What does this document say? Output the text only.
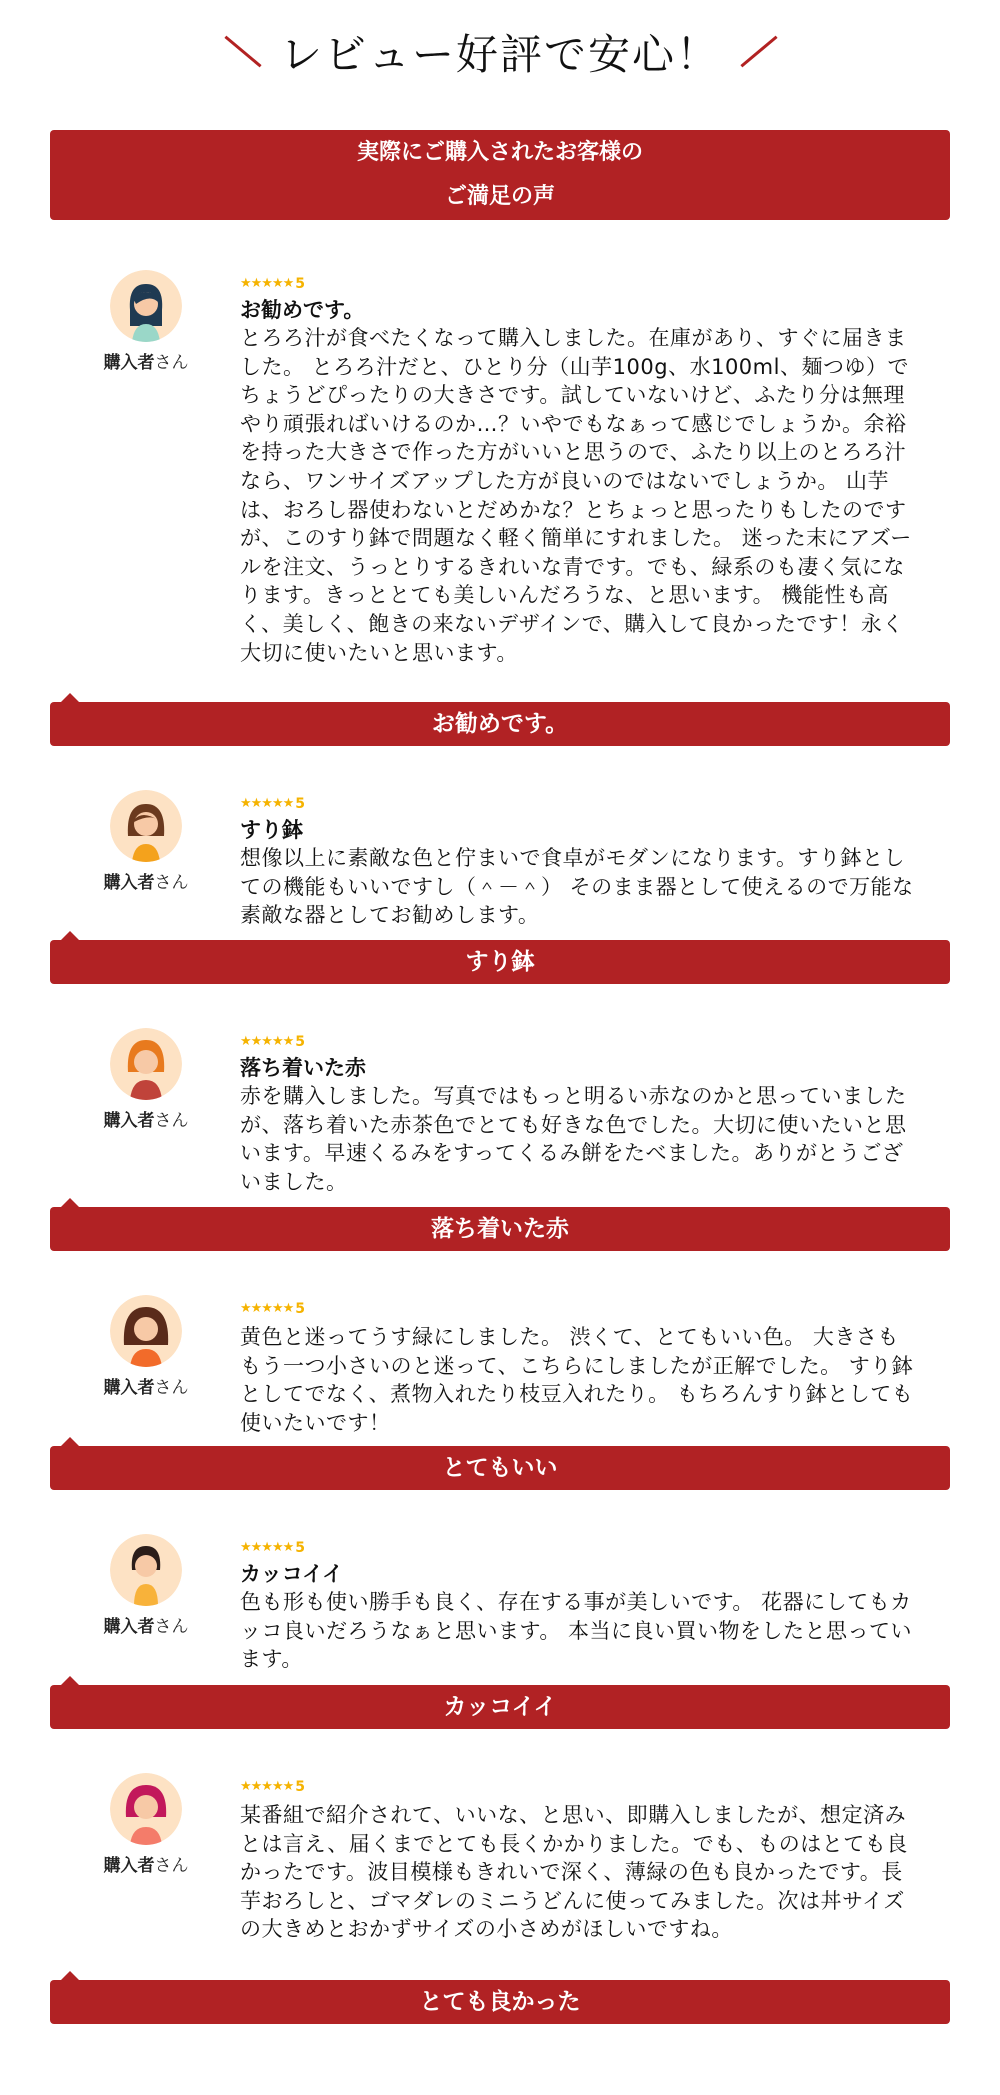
レビュー好評で安心！
実際にご購入されたお客様の
ご満足の声
購入者さん
★★★★★ 5
お勧めです。
とろろ汁が食べたくなって購入しました。在庫があり、すぐに届きました。 とろろ汁だと、ひとり分（山芋100g、水100ml、麺つゆ）でちょうどぴったりの大きさです。試していないけど、ふたり分は無理やり頑張ればいけるのか…？いやでもなぁって感じでしょうか。余裕を持った大きさで作った方がいいと思うので、ふたり以上のとろろ汁なら、ワンサイズアップした方が良いのではないでしょうか。 山芋は、おろし器使わないとだめかな？とちょっと思ったりもしたのですが、このすり鉢で問題なく軽く簡単にすれました。 迷った末にアズールを注文、うっとりするきれいな青です。でも、緑系のも凄く気になります。きっととても美しいんだろうな、と思います。 機能性も高く、美しく、飽きの来ないデザインで、購入して良かったです！永く大切に使いたいと思います。
お勧めです。
購入者さん
★★★★★ 5
すり鉢
想像以上に素敵な色と佇まいで食卓がモダンになります。すり鉢としての機能もいいですし（＾－＾） そのまま器として使えるので万能な素敵な器としてお勧めします。
すり鉢
購入者さん
★★★★★ 5
落ち着いた赤
赤を購入しました。写真ではもっと明るい赤なのかと思っていましたが、落ち着いた赤茶色でとても好きな色でした。大切に使いたいと思います。早速くるみをすってくるみ餅をたべました。ありがとうございました。
落ち着いた赤
購入者さん
★★★★★ 5
黄色と迷ってうす緑にしました。 渋くて、とてもいい色。 大きさももう一つ小さいのと迷って、こちらにしましたが正解でした。 すり鉢としてでなく、煮物入れたり枝豆入れたり。 もちろんすり鉢としても使いたいです！
とてもいい
購入者さん
★★★★★ 5
カッコイイ
色も形も使い勝手も良く、存在する事が美しいです。 花器にしてもカッコ良いだろうなぁと思います。 本当に良い買い物をしたと思っています。
カッコイイ
購入者さん
★★★★★ 5
某番組で紹介されて、いいな、と思い、即購入しましたが、想定済みとは言え、届くまでとても長くかかりました。でも、ものはとても良かったです。波目模様もきれいで深く、薄緑の色も良かったです。長芋おろしと、ゴマダレのミニうどんに使ってみました。次は丼サイズの大きめとおかずサイズの小さめがほしいですね。
とても良かった
